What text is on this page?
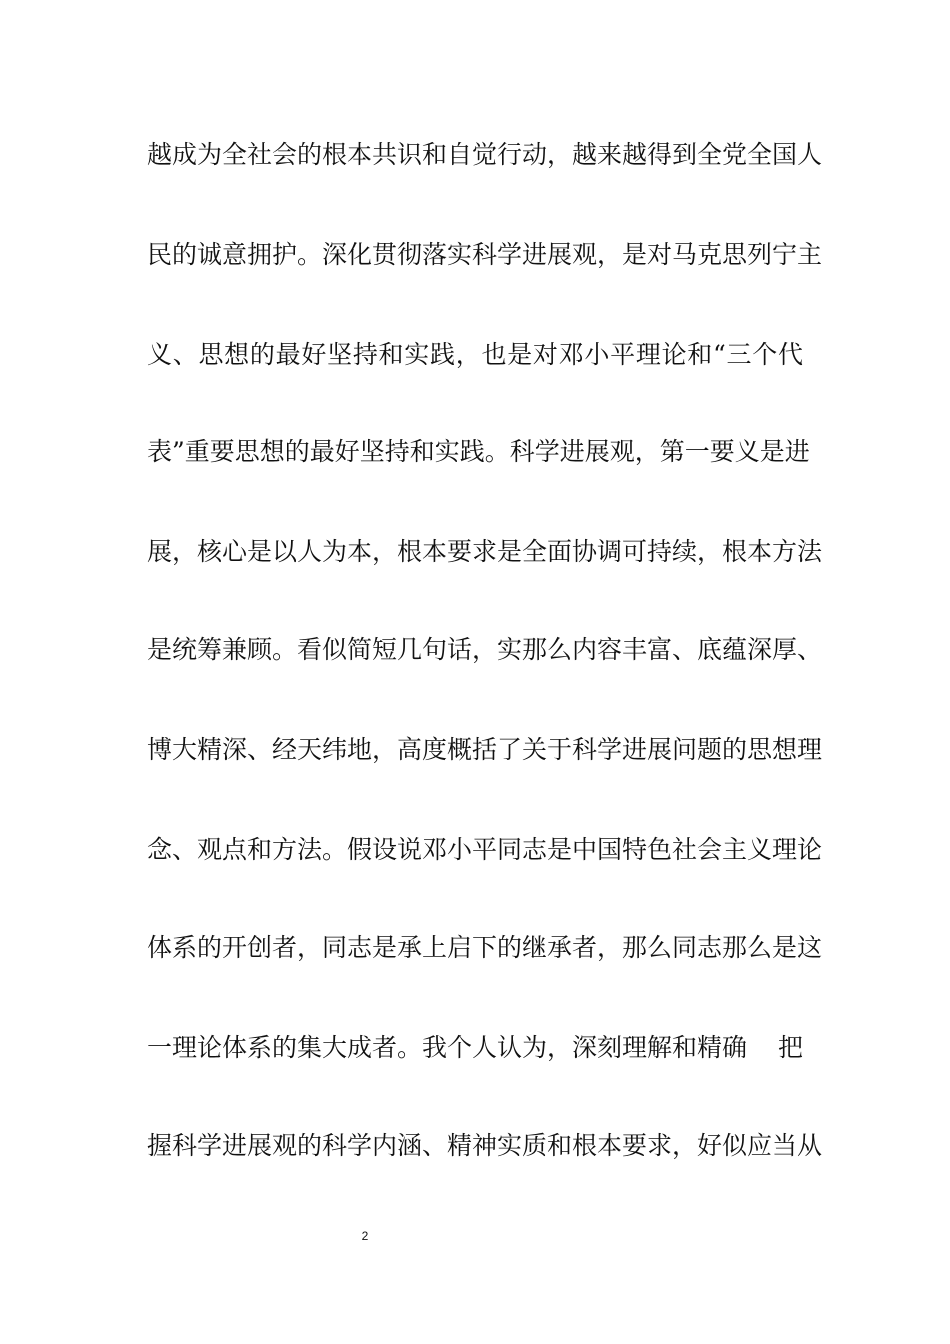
越成为全社会的根本共识和自觉行动，越来越得到全党全国人
民的诚意拥护。深化贯彻落实科学进展观，是对马克思列宁主
义、思想的最好坚持和实践，也是对邓小平理论和“三个代
表”重要思想的最好坚持和实践。科学进展观，第一要义是进
展，核心是以人为本，根本要求是全面协调可持续，根本方法
是统筹兼顾。看似简短几句话，实那么内容丰富、底蕴深厚、
博大精深、经天纬地，高度概括了关于科学进展问题的思想理
念、观点和方法。假设说邓小平同志是中国特色社会主义理论
体系的开创者，同志是承上启下的继承者，那么同志那么是这
一理论体系的集大成者。我个人认为，深刻理解和精确 把
握科学进展观的科学内涵、精神实质和根本要求，好似应当从
2
